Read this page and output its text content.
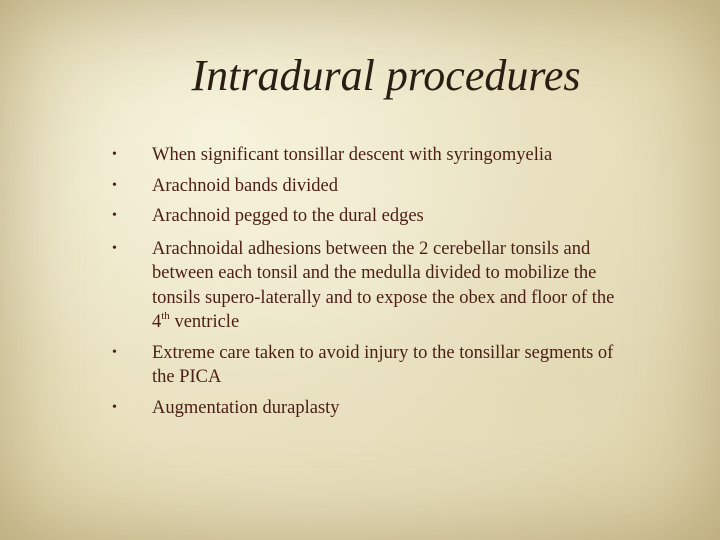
Intradural procedures
• When significant tonsillar descent with syringomyelia
• Arachnoid bands divided
• Arachnoid pegged to the dural edges
• Arachnoidal adhesions between the 2 cerebellar tonsils and between each tonsil and the medulla divided to mobilize the tonsils supero-laterally and to expose the obex and floor of the 4th ventricle
• Extreme care taken to avoid injury to the tonsillar segments of the PICA
• Augmentation duraplasty
